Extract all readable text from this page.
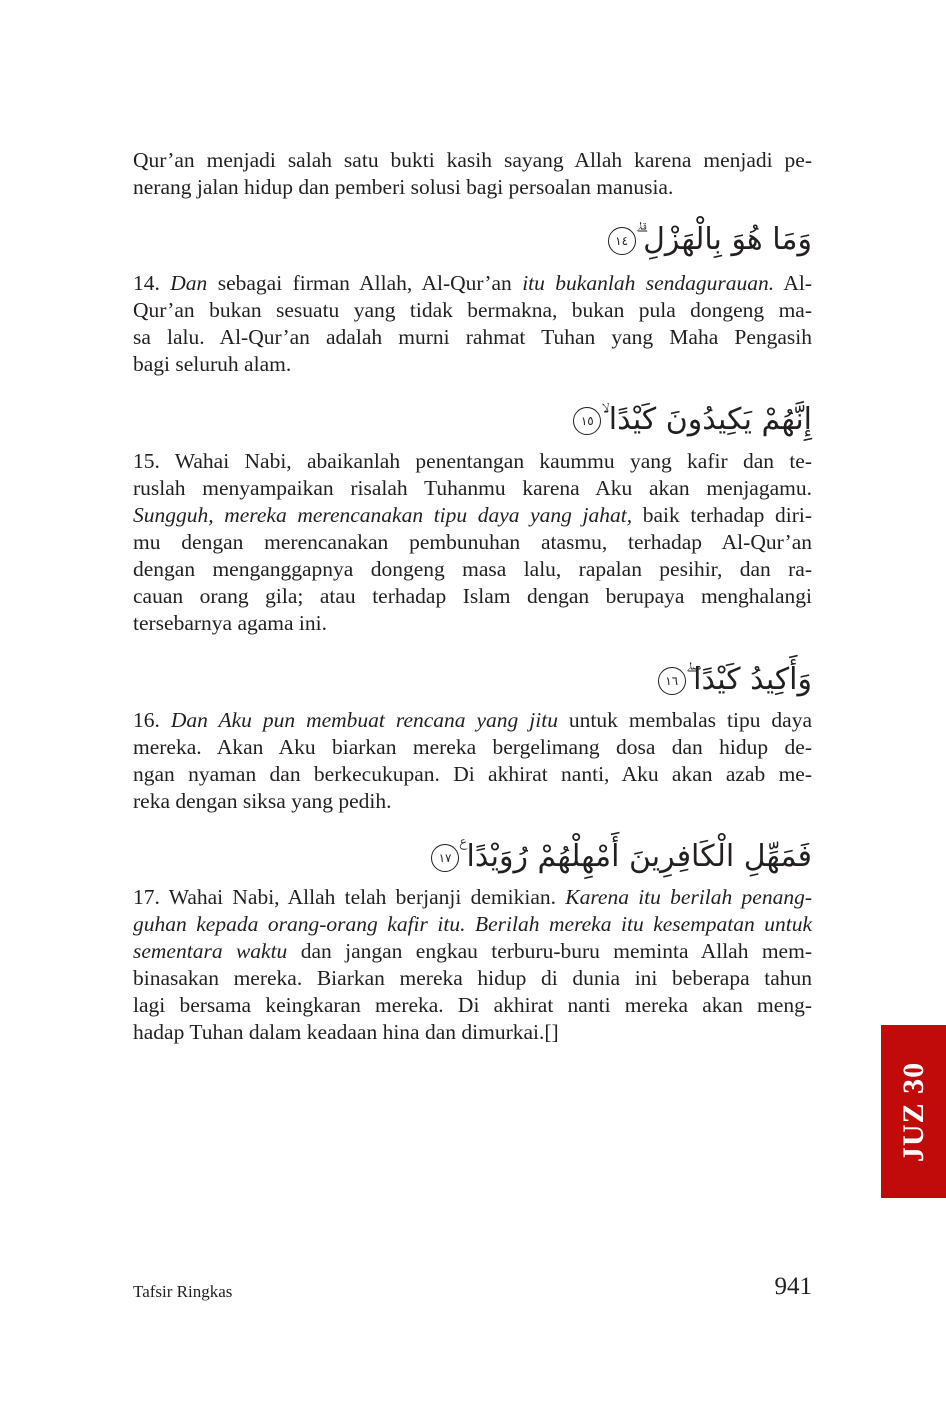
Qur’an menjadi salah satu bukti kasih sayang Allah karena menjadi pe-
nerang jalan hidup dan pemberi solusi bagi persoalan manusia.
وَمَا هُوَ بِالْهَزْلِ ۗ١٤
14. Dan sebagai firman Allah, Al-Qur’an itu bukanlah sendagurauan. Al-
Qur’an bukan sesuatu yang tidak bermakna, bukan pula dongeng ma-
sa lalu. Al-Qur’an adalah murni rahmat Tuhan yang Maha Pengasih
bagi seluruh alam.
إِنَّهُمْ يَكِيدُونَ كَيْدًا ۙ١٥
15. Wahai Nabi, abaikanlah penentangan kaummu yang kafir dan te-
ruslah menyampaikan risalah Tuhanmu karena Aku akan menjagamu.
Sungguh, mereka merencanakan tipu daya yang jahat, baik terhadap diri-
mu dengan merencanakan pembunuhan atasmu, terhadap Al-Qur’an
dengan menganggapnya dongeng masa lalu, rapalan pesihir, dan ra-
cauan orang gila; atau terhadap Islam dengan berupaya menghalangi
tersebarnya agama ini.
وَأَكِيدُ كَيْدًا ۖ١٦
16. Dan Aku pun membuat rencana yang jitu untuk membalas tipu daya
mereka. Akan Aku biarkan mereka bergelimang dosa dan hidup de-
ngan nyaman dan berkecukupan. Di akhirat nanti, Aku akan azab me-
reka dengan siksa yang pedih.
فَمَهِّلِ الْكَافِرِينَ أَمْهِلْهُمْ رُوَيْدًا ࣖ١٧
17. Wahai Nabi, Allah telah berjanji demikian. Karena itu berilah penang-
guhan kepada orang-orang kafir itu. Berilah mereka itu kesempatan untuk
sementara waktu dan jangan engkau terburu-buru meminta Allah mem-
binasakan mereka. Biarkan mereka hidup di dunia ini beberapa tahun
lagi bersama keingkaran mereka. Di akhirat nanti mereka akan meng-
hadap Tuhan dalam keadaan hina dan dimurkai.[]
Tafsir Ringkas	941
JUZ 30
